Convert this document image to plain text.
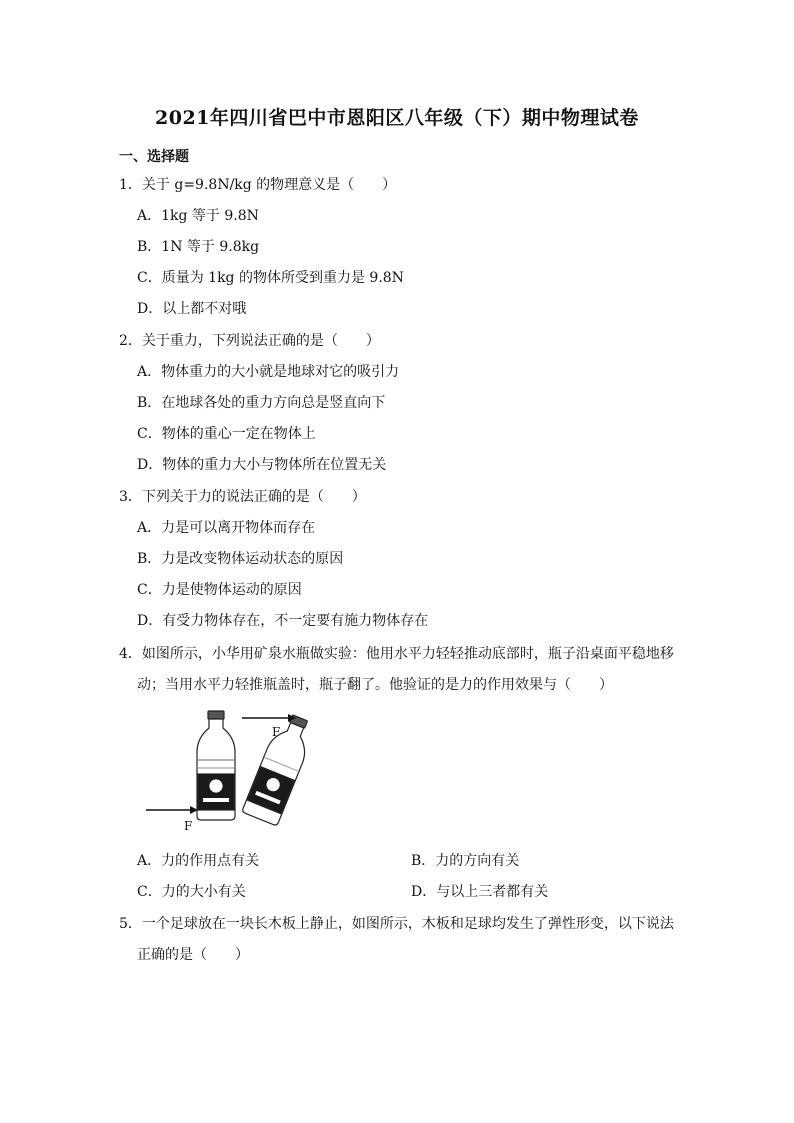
2021年四川省巴中市恩阳区八年级（下）期中物理试卷
一、选择题
1．关于 g=9.8N/kg 的物理意义是（　　）
A．1kg 等于 9.8N
B．1N 等于 9.8kg
C．质量为 1kg 的物体所受到重力是 9.8N
D．以上都不对哦
2．关于重力，下列说法正确的是（　　）
A．物体重力的大小就是地球对它的吸引力
B．在地球各处的重力方向总是竖直向下
C．物体的重心一定在物体上
D．物体的重力大小与物体所在位置无关
3．下列关于力的说法正确的是（　　）
A．力是可以离开物体而存在
B．力是改变物体运动状态的原因
C．力是使物体运动的原因
D．有受力物体存在，不一定要有施力物体存在
4．如图所示，小华用矿泉水瓶做实验：他用水平力轻轻推动底部时，瓶子沿桌面平稳地移
动；当用水平力轻推瓶盖时，瓶子翻了。他验证的是力的作用效果与（　　）
F
F
A．力的作用点有关	B．力的方向有关
C．力的大小有关	D．与以上三者都有关
5．一个足球放在一块长木板上静止，如图所示，木板和足球均发生了弹性形变，以下说法
正确的是（　　）
